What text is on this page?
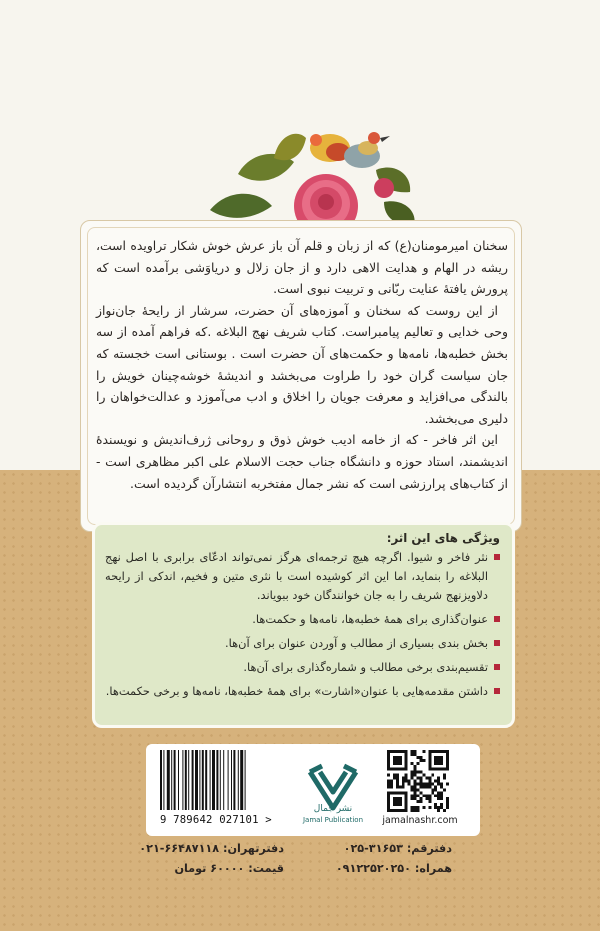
سخنان امیرمومنان(ع) که از زبان و قلم آن باز عرش خوش شکار تراویده است، ریشه در الهام و هدایت الاهی دارد و از جان زلال و دریاوَشی برآمده است که پرورش یافتهٔ عنایت ربّانی و تربیت نبوی است.

از این روست که سخنان و آموزه‌های آن حضرت، سرشار از رایحهٔ جان‌نواز وحی خدایی و تعالیم پیامبراست. کتاب شریف نهج البلاغه .که فراهم آمده از سه بخش خطبه‌ها، نامه‌ها و حکمت‌های آن حضرت است . بوستانی است خجسته که جان سیاست گران خود را طراوت می‌بخشد و اندیشهٔ خوشه‌چینان خویش را بالندگی می‌افزاید و معرفت جویان را اخلاق و ادب می‌آموزد و عدالت‌خواهان را دلیری می‌بخشد.

این اثر فاخر - که از خامه ادیب خوش ذوق و روحانی ژرف‌اندیش و نویسندهٔ اندیشمند، استاد حوزه و دانشگاه جناب حجت الاسلام علی اکبر مظاهری است - از کتاب‌های پرارزشی است که نشر جمال مفتخربه انتشارآن گردیده است.

ویژگی های این اثر:
نثر فاخر و شیوا. اگرچه هیچ ترجمه‌ای هرگز نمی‌تواند ادعّای برابری با اصل نهج البلاغه را بنماید، اما این اثر کوشیده است با نثری متین و فخیم، اندکی از رایحه دلاویزنهج شریف را به جان خوانندگان خود ببویاند.
عنوان‌گذاری برای همهٔ خطبه‌ها، نامه‌ها و حکمت‌ها.
بخش بندی بسیاری از مطالب و آوردن عنوان برای آن‌ها.
تقسیم‌بندی برخی مطالب و شماره‌گذاری برای آن‌ها.
داشتن مقدمه‌هایی با عنوان«اشارت» برای همهٔ خطبه‌ها، نامه‌ها و برخی حکمت‌ها.
9 789642 027101 >
نشر جمال
Jamal Publication	jamalnashr.com
دفترقم: ۳۱۶۵۳-۰۲۵
دفترتهران: ۶۶۴۸۷۱۱۸-۰۲۱
همراه: ۰۹۱۲۲۵۲۰۲۵۰
قیمت: ۶۰۰۰۰ تومان
